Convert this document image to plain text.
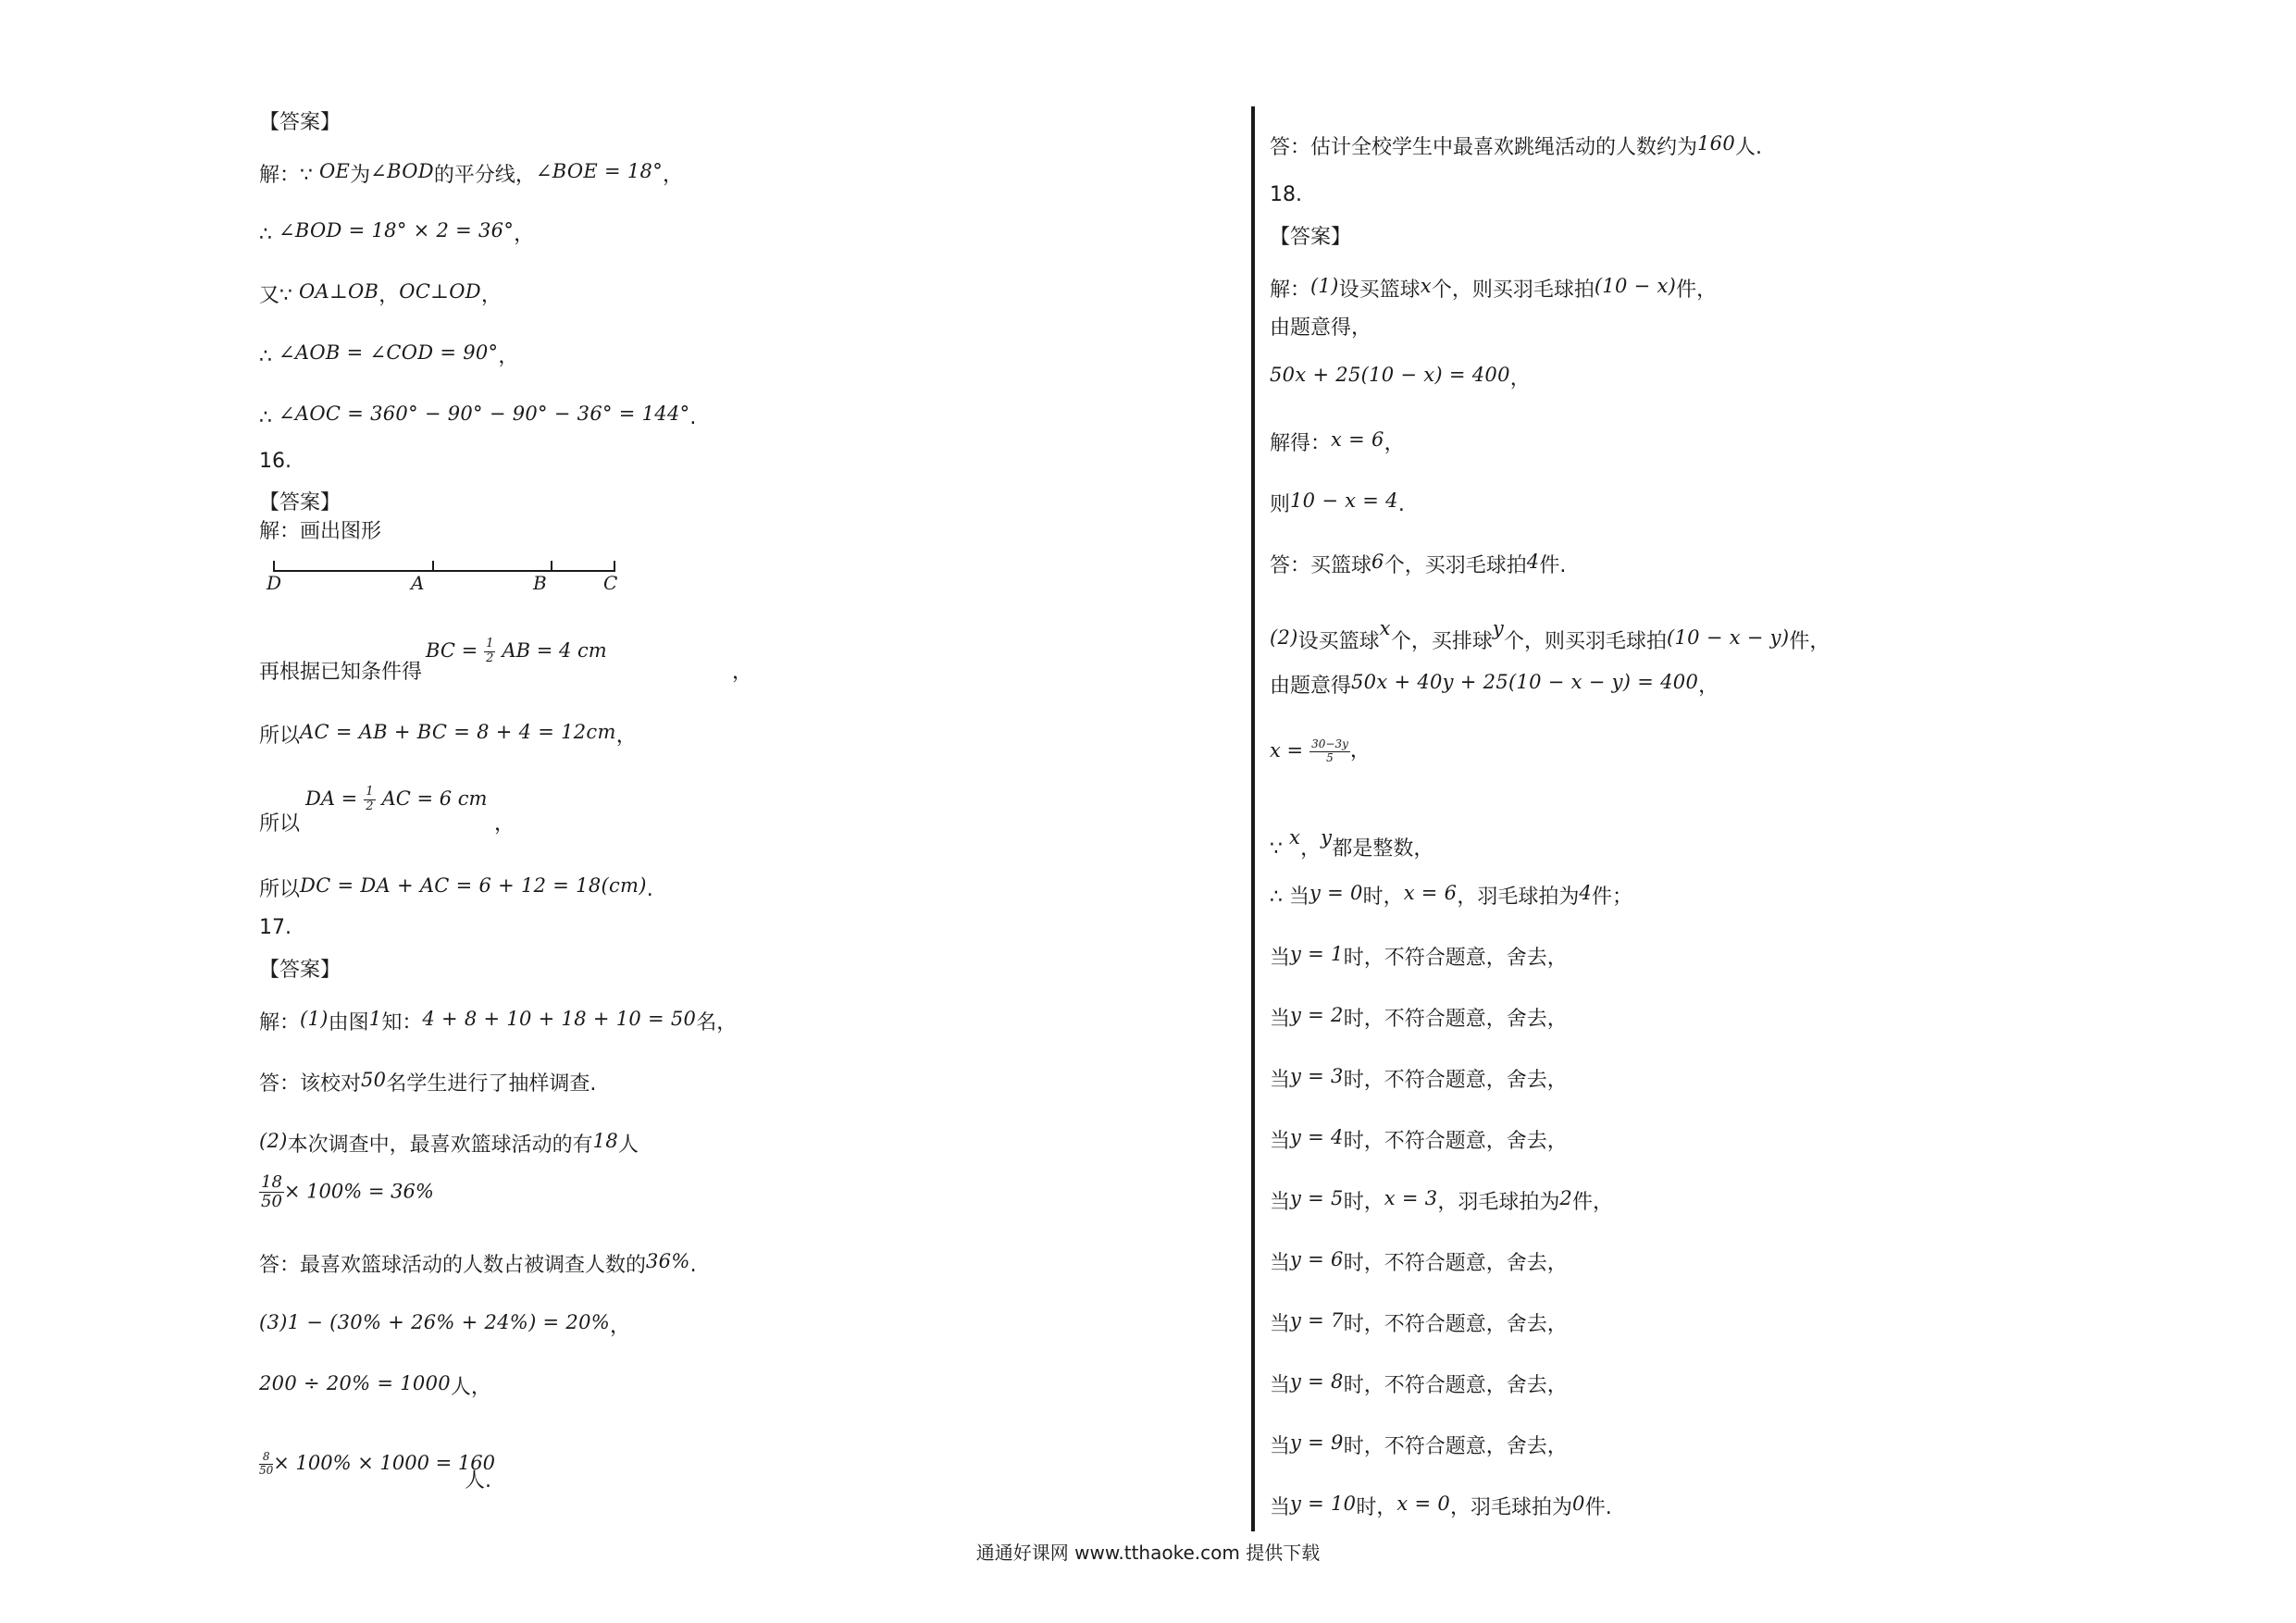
【答案】
解：∵ OE为∠BOD的平分线，∠BOE = 18°，
∴ ∠BOD = 18° × 2 = 36°，
又∵ OA⊥OB，OC⊥OD，
∴ ∠AOB = ∠COD = 90°，
∴ ∠AOC = 360° − 90° − 90° − 36° = 144°.
16.
【答案】
解：画出图形
D	A	B	C
BC = $\frac{1}{2}$ AB = 4 cm
再根据已知条件得	，
所以AC = AB + BC = 8 + 4 = 12cm，
DA = $\frac{1}{2}$ AC = 6 cm
所以	，
所以DC = DA + AC = 6 + 12 = 18(cm).
17.
【答案】
解：(1)由图1知：4 + 8 + 10 + 18 + 10 = 50名，
答：该校对50名学生进行了抽样调查.
(2)本次调查中，最喜欢篮球活动的有18人
$\frac{18}{50} \times 100\% = 36\%$
答：最喜欢篮球活动的人数占被调查人数的36%.
(3)1 − (30% + 26% + 24%) = 20%，
200 ÷ 20% = 1000人，
$\frac{8}{50} \times 100\% \times 1000 = 160$
人.
答：估计全校学生中最喜欢跳绳活动的人数约为160人.
18.
【答案】
解：(1)设买篮球x个，则买羽毛球拍(10 − x)件，
由题意得，
50x + 25(10 − x) = 400，
解得：x = 6，
则10 − x = 4.
答：买篮球6个，买羽毛球拍4件.
(2)设买篮球x个，买排球y个，则买羽毛球拍(10 − x − y)件，
由题意得50x + 40y + 25(10 − x − y) = 400，
$x = \frac{30-3y}{5}$ ，
∵ x，y都是整数，
∴ 当y = 0时，x = 6，羽毛球拍为4件；
当y = 1时，不符合题意，舍去，
当y = 2时，不符合题意，舍去，
当y = 3时，不符合题意，舍去，
当y = 4时，不符合题意，舍去，
当y = 5时，x = 3，羽毛球拍为2件，
当y = 6时，不符合题意，舍去，
当y = 7时，不符合题意，舍去，
当y = 8时，不符合题意，舍去，
当y = 9时，不符合题意，舍去，
当y = 10时，x = 0，羽毛球拍为0件.
通通好课网 www.tthaoke.com 提供下载
